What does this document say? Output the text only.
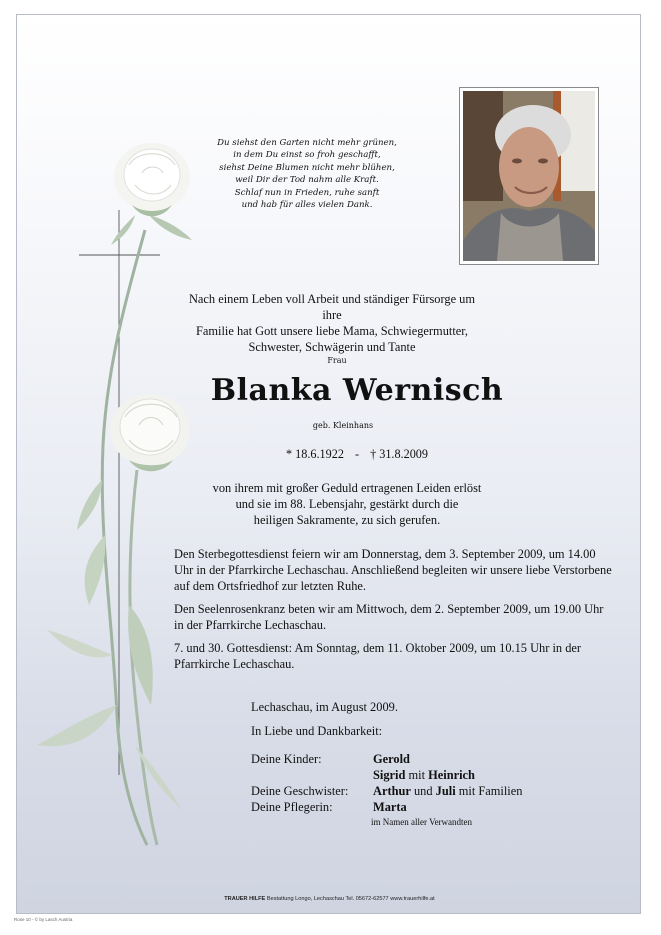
Du siehst den Garten nicht mehr grünen,
in dem Du einst so froh geschafft,
siehst Deine Blumen nicht mehr blühen,
weil Dir der Tod nahm alle Kraft.
Schlaf nun in Frieden, ruhe sanft
und hab für alles vielen Dank.
Nach einem Leben voll Arbeit und ständiger Fürsorge um ihre
Familie hat Gott unsere liebe Mama, Schwiegermutter,
Schwester, Schwägerin und Tante
Frau
Blanka Wernisch
geb. Kleinhans
* 18.6.1922 - † 31.8.2009
von ihrem mit großer Geduld ertragenen Leiden erlöst
und sie im 88. Lebensjahr, gestärkt durch die
heiligen Sakramente, zu sich gerufen.

Den Sterbegottesdienst feiern wir am Donnerstag, dem 3. September 2009, um 14.00 Uhr in der Pfarrkirche Lechaschau. Anschließend begleiten wir unsere liebe Verstorbene auf dem Ortsfriedhof zur letzten Ruhe.

Den Seelenrosenkranz beten wir am Mittwoch, dem 2. September 2009, um 19.00 Uhr in der Pfarrkirche Lechaschau.

7. und 30. Gottesdienst: Am Sonntag, dem 11. Oktober 2009, um 10.15 Uhr in der Pfarrkirche Lechaschau.

Lechaschau, im August 2009.
In Liebe und Dankbarkeit:
Deine Kinder:	Gerold
Sigrid mit Heinrich
Deine Geschwister:	Arthur und Juli mit Familien
Deine Pflegerin:	Marta
im Namen aller Verwandten
TRAUER HILFE Bestattung Longo, Lechaschau Tel. 05672-62577 www.trauerhilfe.at
Rose 10 - © by Lasch Austria
